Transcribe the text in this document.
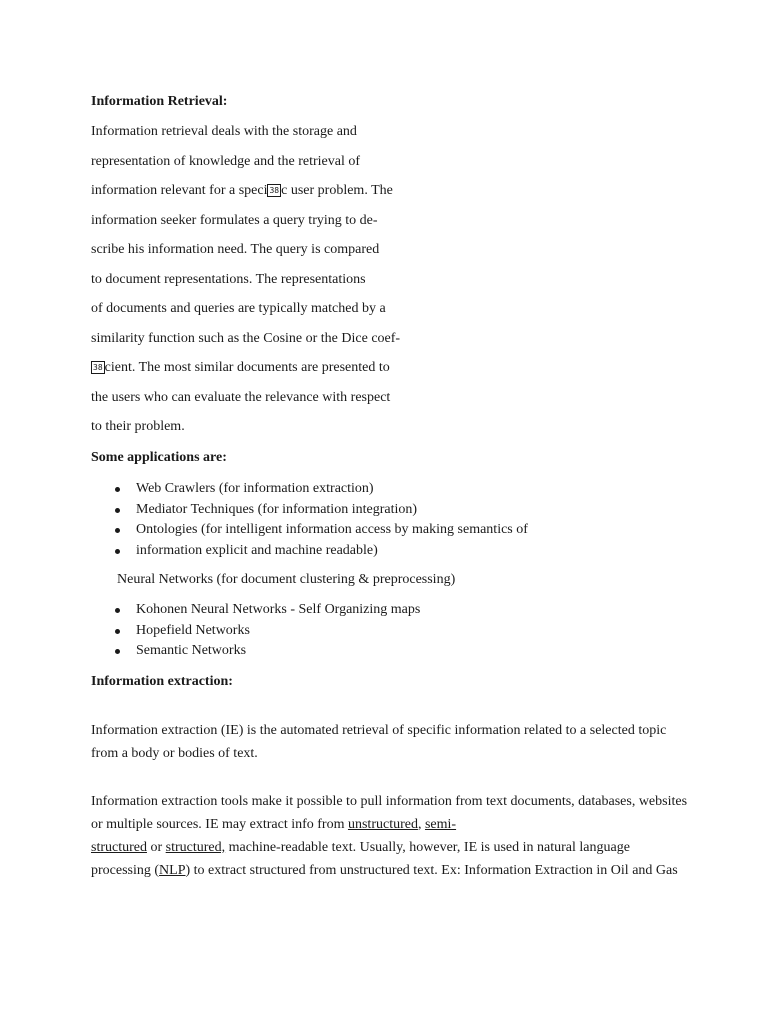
Information Retrieval:
Information retrieval deals with the storage and
representation of knowledge and the retrieval of
information relevant for a speci 38 c user problem. The
information seeker formulates a query trying to de-
scribe his information need. The query is compared
to document representations. The representations
of documents and queries are typically matched by a
similarity function such as the Cosine or the Dice coef-
38 cient. The most similar documents are presented to
the users who can evaluate the relevance with respect
to their problem.
Some applications are:
Web Crawlers (for information extraction)
Mediator Techniques (for information integration)
Ontologies (for intelligent information access by making semantics of
information explicit and machine readable)
Neural Networks (for document clustering & preprocessing)
Kohonen Neural Networks - Self Organizing maps
Hopefield Networks
Semantic Networks
Information extraction:

Information extraction (IE) is the automated retrieval of specific information related to a selected topic from a body or bodies of text.

Information extraction tools make it possible to pull information from text documents, databases, websites or multiple sources. IE may extract info from unstructured, semi-
structured or structured, machine-readable text. Usually, however, IE is used in natural language processing (NLP) to extract structured from unstructured text. Ex: Information Extraction in Oil and Gas
